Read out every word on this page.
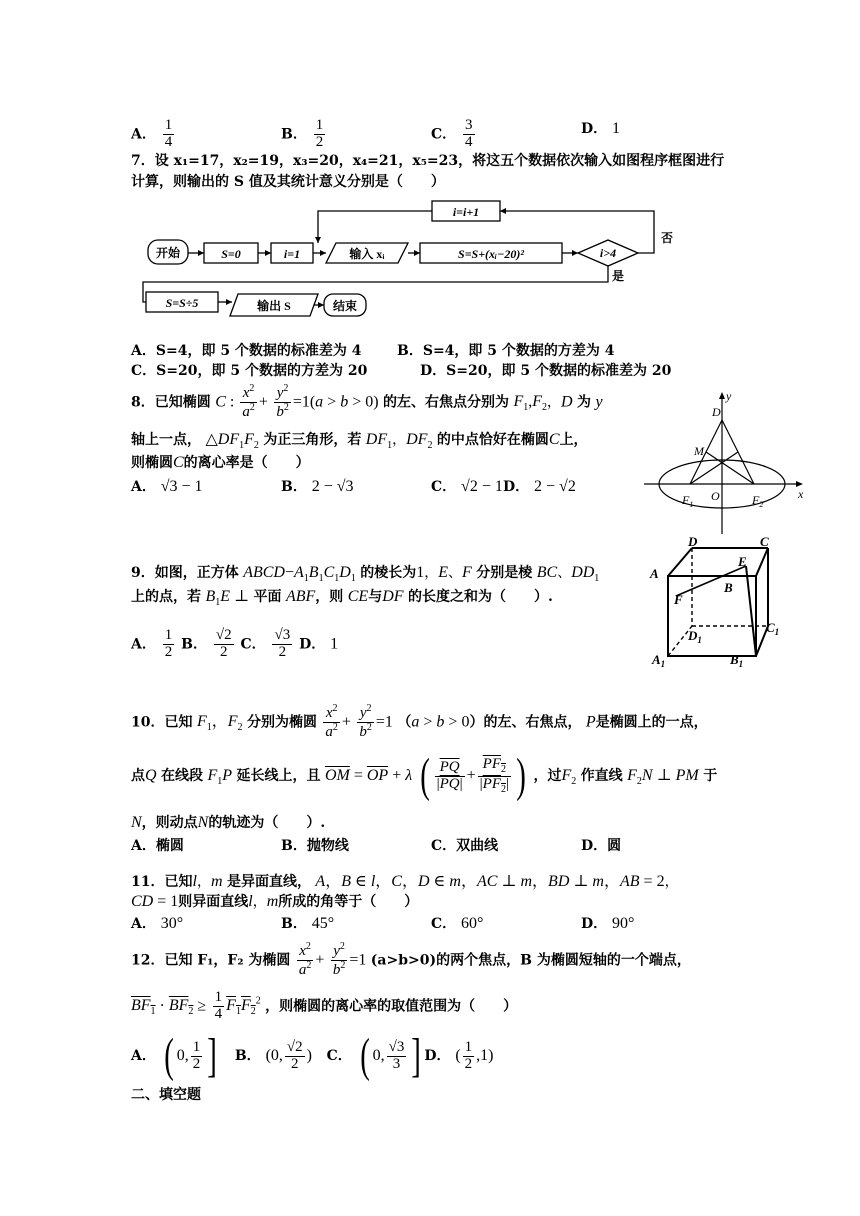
A． $\frac{1}{4}$	B． $\frac{1}{2}$	C． $\frac{3}{4}$	D． 1
7．设 x₁=17，x₂=19，x₃=20，x₄=21，x₅=23，将这五个数据依次输入如图程序框图进行
计算，则输出的 S 值及其统计意义分别是（　　）
开始	S=0	i=1	输入 xᵢ	S=S+(xᵢ−20)²	i>4
i=i+1
否
是
S=S÷5	输出 S	结束
A．S=4，即 5 个数据的标准差为 4	B．S=4，即 5 个数据的方差为 4
C．S=20，即 5 个数据的方差为 20	D．S=20，即 5 个数据的标准差为 20
8．已知椭圆 C : $\frac{x^2}{a^2} + \frac{y^2}{b^2} =1(a > b > 0)$ 的左、右焦点分别为 $F_1,F_2$，D 为 y
轴上一点， $\triangle DF_1F_2$ 为正三角形，若 $DF_1$，$DF_2$ 的中点恰好在椭圆C上，
则椭圆C的离心率是（　　）
A． √3 − 1	B． 2 − √3	C． √2 − 1 D． 2 − √2
y
x
D
M
O
$F_1$	$F_2$
9．如图，正方体 $ABCD-A_1B_1C_1D_1$ 的棱长为1，E、F 分别是棱 BC、$DD_1$
上的点，若 $B_1E$ ⊥ 平面 ABF，则 CE与DF 的长度之和为（　　）.
A． $\frac{1}{2}$ B． $\frac{√2}{2}$ C． $\frac{√3}{2}$ D． 1
D	C
A
E
B
F
$D_1$
$C_1$
$A_1$	$B_1$
10．已知 $F_1$，$F_2$ 分别为椭圆 $\frac{x^2}{a^2} + \frac{y^2}{b^2} =1$ （a > b > 0）的左、右焦点， P是椭圆上的一点，
点Q 在线段 $F_1P$ 延长线上，且 $\overline{OM} = \overline{OP} + \lambda$ ( $\frac{\overline{PQ}}{|\overline{PQ}|} + \frac{PF_2}{|PF_2|}$ ) ，过$F_2$ 作直线 $F_2N$ ⊥ PM 于
N，则动点N的轨迹为（　　）.
A．椭圆	B．抛物线	C．双曲线	D．圆
11．已知l，m 是异面直线， A，B ∈ l，C，D ∈ m，AC ⊥ m，BD ⊥ m，AB = 2，
CD = 1则异面直线l，m所成的角等于（　　）
A． 30°	B． 45°	C． 60°	D． 90°
12．已知 F₁，F₂ 为椭圆 $\frac{x^2}{a^2} + \frac{y^2}{b^2} =1$ (a>b>0)的两个焦点，B 为椭圆短轴的一个端点，
$BF_1 \cdot BF_2 \ge \frac{1}{4} F_1F_2^2$ ，则椭圆的离心率的取值范围为（　　）
A． ( 0, $\frac{1}{2}$ ] B． (0, $\frac{√2}{2}$ ) C． ( 0, $\frac{√3}{3}$ ] D． ( $\frac{1}{2} ,1$)
二、填空题
